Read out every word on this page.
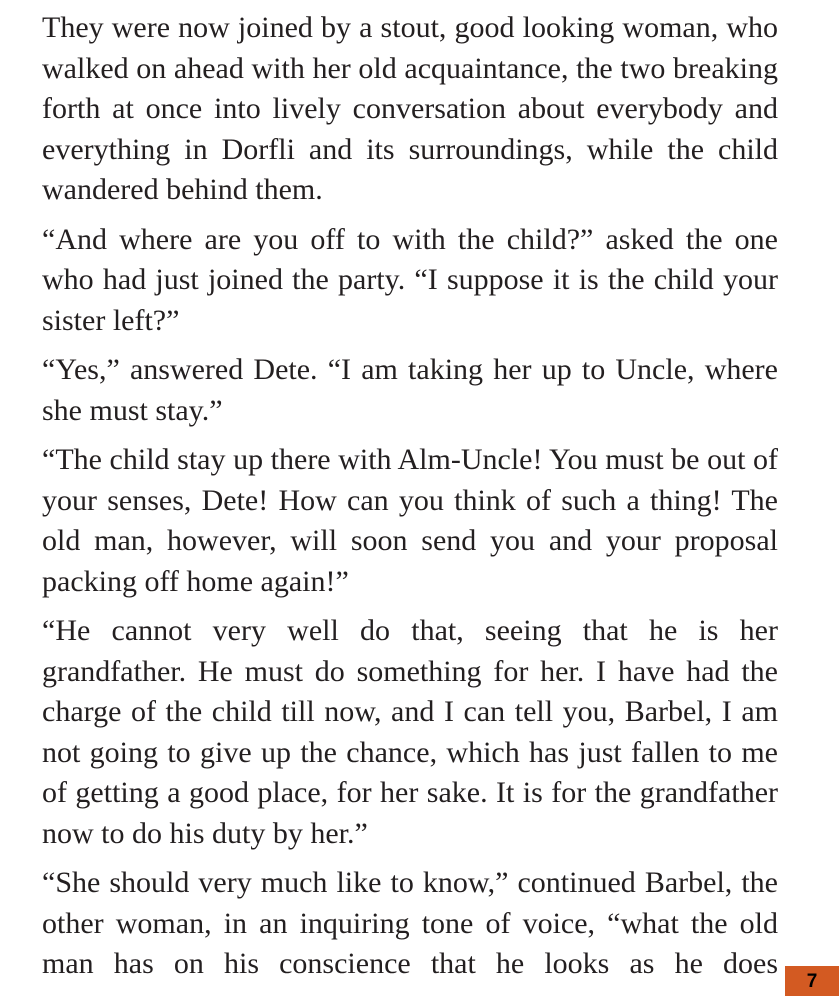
They were now joined by a stout, good looking woman, who walked on ahead with her old acquaintance, the two breaking forth at once into lively conversation about everybody and everything in Dorfli and its surroundings, while the child wandered behind them.

“And where are you off to with the child?” asked the one who had just joined the party. “I suppose it is the child your sister left?”

“Yes,” answered Dete. “I am taking her up to Uncle, where she must stay.”

“The child stay up there with Alm-Uncle! You must be out of your senses, Dete! How can you think of such a thing! The old man, however, will soon send you and your proposal packing off home again!”

“He cannot very well do that, seeing that he is her grandfather. He must do something for her. I have had the charge of the child till now, and I can tell you, Barbel, I am not going to give up the chance, which has just fallen to me of getting a good place, for her sake. It is for the grandfather now to do his duty by her.”

“She should very much like to know,” continued Barbel, the other woman, in an inquiring tone of voice, “what the old man has on his conscience that he looks as he does

7
